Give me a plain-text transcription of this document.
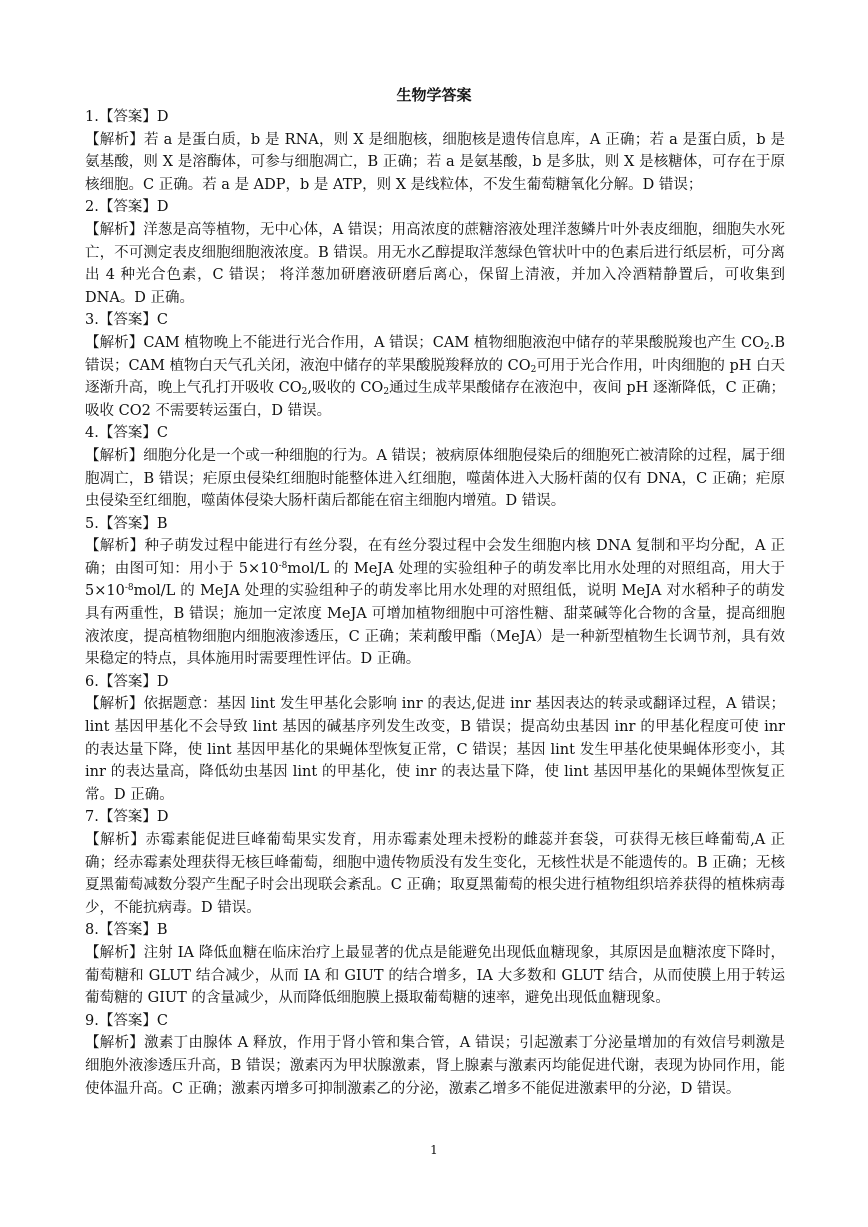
生物学答案

1.【答案】D

【解析】若 a 是蛋白质，b 是 RNA，则 X 是细胞核，细胞核是遗传信息库，A 正确；若 a 是蛋白质，b 是氨基酸，则 X 是溶酶体，可参与细胞凋亡，B 正确；若 a 是氨基酸，b 是多肽，则 X 是核糖体，可存在于原核细胞。C 正确。若 a 是 ADP，b 是 ATP，则 X 是线粒体，不发生葡萄糖氧化分解。D 错误；

2.【答案】D

【解析】洋葱是高等植物，无中心体，A 错误；用高浓度的蔗糖溶液处理洋葱鳞片叶外表皮细胞，细胞失水死亡，不可测定表皮细胞细胞液浓度。B 错误。用无水乙醇提取洋葱绿色管状叶中的色素后进行纸层析，可分离出 4 种光合色素，C 错误； 将洋葱加研磨液研磨后离心，保留上清液，并加入冷酒精静置后，可收集到 DNA。D 正确。

3.【答案】C

【解析】CAM 植物晚上不能进行光合作用，A 错误；CAM 植物细胞液泡中储存的苹果酸脱羧也产生 $CO_2.B$ 错误；CAM 植物白天气孔关闭，液泡中储存的苹果酸脱羧释放的 $CO_2$可用于光合作用，叶肉细胞的 pH 白天逐渐升高，晚上气孔打开吸收 $CO_2$,吸收的 $CO_2$通过生成苹果酸储存在液泡中，夜间 pH 逐渐降低，C 正确；吸收 CO2 不需要转运蛋白，D 错误。

4.【答案】C

【解析】细胞分化是一个或一种细胞的行为。A 错误；被病原体细胞侵染后的细胞死亡被清除的过程，属于细胞凋亡，B 错误；疟原虫侵染红细胞时能整体进入红细胞，噬菌体进入大肠杆菌的仅有 DNA，C 正确；疟原虫侵染至红细胞，噬菌体侵染大肠杆菌后都能在宿主细胞内增殖。D 错误。

5.【答案】B

【解析】种子萌发过程中能进行有丝分裂，在有丝分裂过程中会发生细胞内核 DNA 复制和平均分配，A 正确；由图可知：用小于 $5\times 10^{-8}mol/L$ 的 MeJA 处理的实验组种子的萌发率比用水处理的对照组高，用大于 $5\times 10^{-8}mol/L$ 的 MeJA 处理的实验组种子的萌发率比用水处理的对照组低，说明 MeJA 对水稻种子的萌发具有两重性，B 错误；施加一定浓度 MeJA 可增加植物细胞中可溶性糖、甜菜碱等化合物的含量，提高细胞液浓度，提高植物细胞内细胞液渗透压，C 正确；茉莉酸甲酯（MeJA）是一种新型植物生长调节剂，具有效果稳定的特点，具体施用时需要理性评估。D 正确。

6.【答案】D

【解析】依据题意：基因 lint 发生甲基化会影响 inr 的表达,促进 inr 基因表达的转录或翻译过程，A 错误；lint 基因甲基化不会导致 lint 基因的碱基序列发生改变，B 错误；提高幼虫基因 inr 的甲基化程度可使 inr 的表达量下降，使 lint 基因甲基化的果蝇体型恢复正常，C 错误；基因 lint 发生甲基化使果蝇体形变小，其 inr 的表达量高，降低幼虫基因 lint 的甲基化，使 inr 的表达量下降，使 lint 基因甲基化的果蝇体型恢复正常。D 正确。

7.【答案】D

【解析】赤霉素能促进巨峰葡萄果实发育，用赤霉素处理未授粉的雌蕊并套袋，可获得无核巨峰葡萄,A 正确；经赤霉素处理获得无核巨峰葡萄，细胞中遗传物质没有发生变化，无核性状是不能遗传的。B 正确；无核夏黑葡萄减数分裂产生配子时会出现联会紊乱。C 正确；取夏黑葡萄的根尖进行植物组织培养获得的植株病毒少，不能抗病毒。D 错误。

8.【答案】B

【解析】注射 IA 降低血糖在临床治疗上最显著的优点是能避免出现低血糖现象，其原因是血糖浓度下降时，葡萄糖和 GLUT 结合减少，从而 IA 和 GIUT 的结合增多，IA 大多数和 GLUT 结合，从而使膜上用于转运葡萄糖的 GIUT 的含量减少，从而降低细胞膜上摄取葡萄糖的速率，避免出现低血糖现象。

9.【答案】C

【解析】激素丁由腺体 A 释放，作用于肾小管和集合管，A 错误；引起激素丁分泌量增加的有效信号刺激是细胞外液渗透压升高，B 错误；激素丙为甲状腺激素，肾上腺素与激素丙均能促进代谢，表现为协同作用，能使体温升高。C 正确；激素丙增多可抑制激素乙的分泌，激素乙增多不能促进激素甲的分泌，D 错误。

1
